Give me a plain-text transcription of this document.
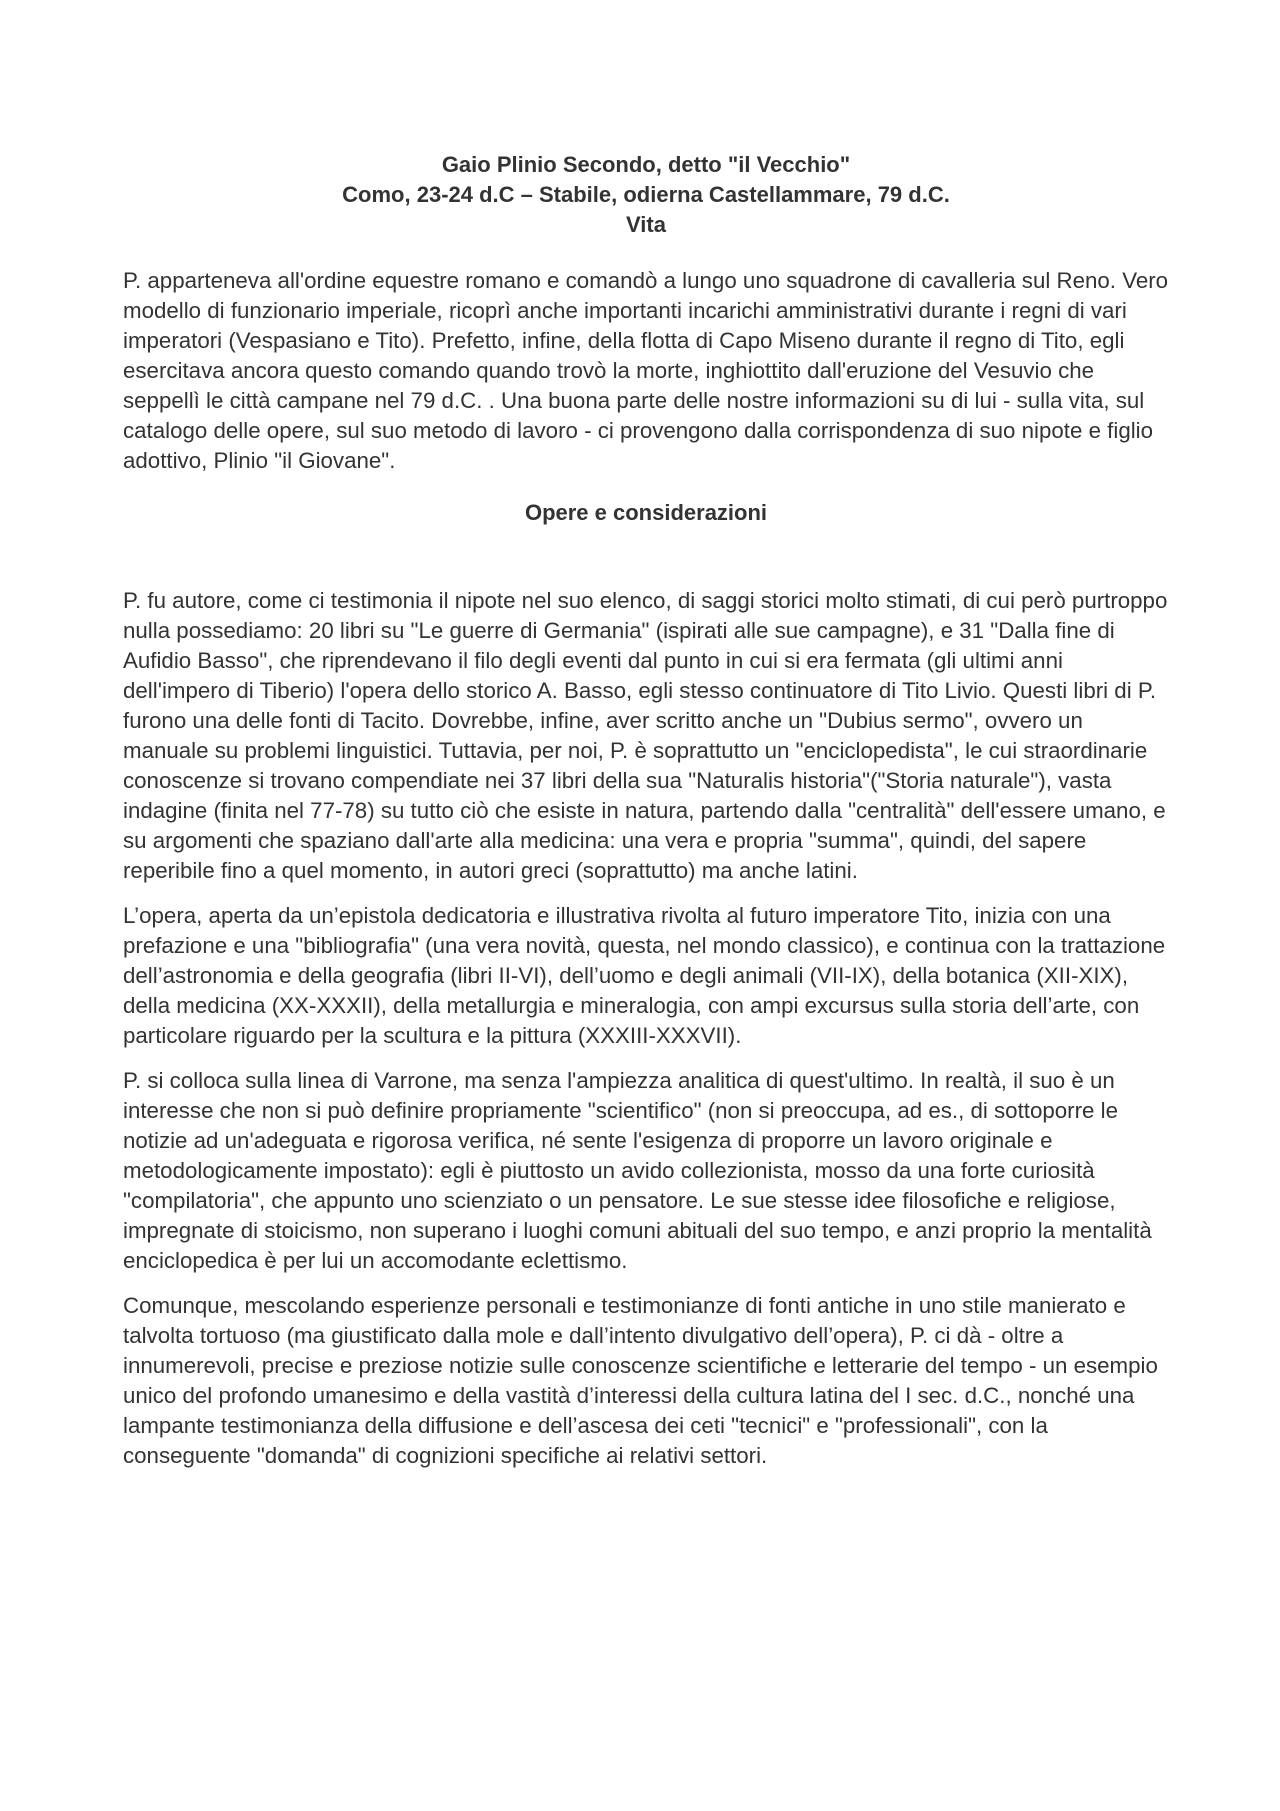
Gaio Plinio Secondo, detto "il Vecchio"
Como, 23-24 d.C – Stabile, odierna Castellammare, 79 d.C.
Vita

P. apparteneva all'ordine equestre romano e comandò a lungo uno squadrone di cavalleria sul Reno. Vero modello di funzionario imperiale, ricoprì anche importanti incarichi amministrativi durante i regni di vari imperatori (Vespasiano e Tito). Prefetto, infine, della flotta di Capo Miseno durante il regno di Tito, egli esercitava ancora questo comando quando trovò la morte, inghiottito dall'eruzione del Vesuvio che seppellì le città campane nel 79 d.C. . Una buona parte delle nostre informazioni su di lui - sulla vita, sul catalogo delle opere, sul suo metodo di lavoro - ci provengono dalla corrispondenza di suo nipote e figlio adottivo, Plinio "il Giovane".

Opere e considerazioni

P. fu autore, come ci testimonia il nipote nel suo elenco, di saggi storici molto stimati, di cui però purtroppo nulla possediamo: 20 libri su "Le guerre di Germania" (ispirati alle sue campagne), e 31 "Dalla fine di Aufidio Basso", che riprendevano il filo degli eventi dal punto in cui si era fermata (gli ultimi anni dell'impero di Tiberio) l'opera dello storico A. Basso, egli stesso continuatore di Tito Livio. Questi libri di P. furono una delle fonti di Tacito. Dovrebbe, infine, aver scritto anche un "Dubius sermo", ovvero un manuale su problemi linguistici. Tuttavia, per noi, P. è soprattutto un "enciclopedista", le cui straordinarie conoscenze si trovano compendiate nei 37 libri della sua "Naturalis historia"("Storia naturale"), vasta indagine (finita nel 77-78) su tutto ciò che esiste in natura, partendo dalla "centralità" dell'essere umano, e su argomenti che spaziano dall'arte alla medicina: una vera e propria "summa", quindi, del sapere reperibile fino a quel momento, in autori greci (soprattutto) ma anche latini.

L’opera, aperta da un’epistola dedicatoria e illustrativa rivolta al futuro imperatore Tito, inizia con una prefazione e una "bibliografia" (una vera novità, questa, nel mondo classico), e continua con la trattazione dell’astronomia e della geografia (libri II-VI), dell’uomo e degli animali (VII-IX), della botanica (XII-XIX), della medicina (XX-XXXII), della metallurgia e mineralogia, con ampi excursus sulla storia dell’arte, con particolare riguardo per la scultura e la pittura (XXXIII-XXXVII).

P. si colloca sulla linea di Varrone, ma senza l'ampiezza analitica di quest'ultimo. In realtà, il suo è un interesse che non si può definire propriamente "scientifico" (non si preoccupa, ad es., di sottoporre le notizie ad un'adeguata e rigorosa verifica, né sente l'esigenza di proporre un lavoro originale e metodologicamente impostato): egli è piuttosto un avido collezionista, mosso da una forte curiosità "compilatoria", che appunto uno scienziato o un pensatore. Le sue stesse idee filosofiche e religiose, impregnate di stoicismo, non superano i luoghi comuni abituali del suo tempo, e anzi proprio la mentalità enciclopedica è per lui un accomodante eclettismo.

Comunque, mescolando esperienze personali e testimonianze di fonti antiche in uno stile manierato e talvolta tortuoso (ma giustificato dalla mole e dall’intento divulgativo dell’opera), P. ci dà - oltre a innumerevoli, precise e preziose notizie sulle conoscenze scientifiche e letterarie del tempo - un esempio unico del profondo umanesimo e della vastità d’interessi della cultura latina del I sec. d.C., nonché una lampante testimonianza della diffusione e dell’ascesa dei ceti "tecnici" e "professionali", con la conseguente "domanda" di cognizioni specifiche ai relativi settori.
